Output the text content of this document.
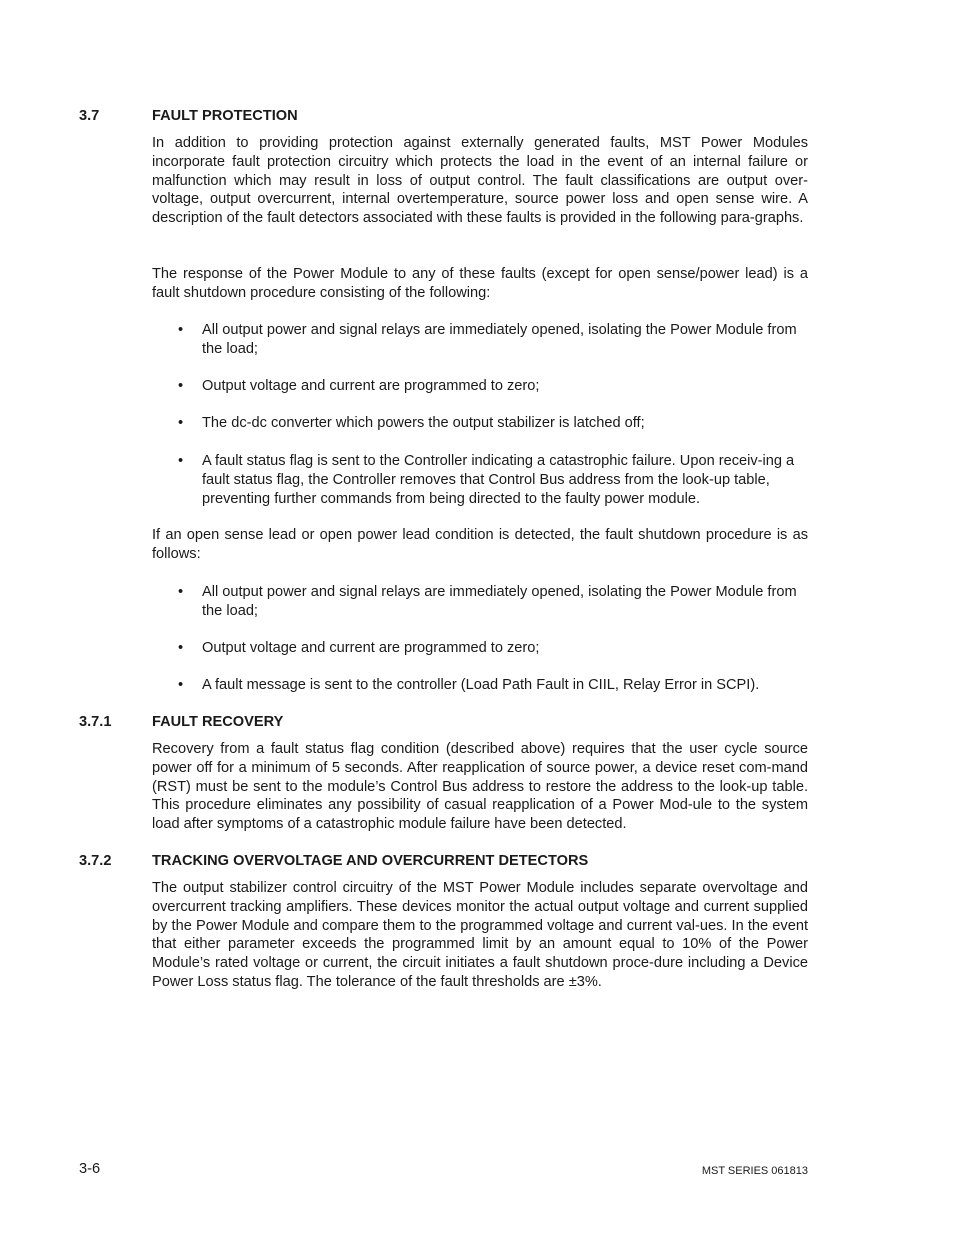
3.7	FAULT PROTECTION

In addition to providing protection against externally generated faults, MST Power Modules incorporate fault protection circuitry which protects the load in the event of an internal failure or malfunction which may result in loss of output control. The fault classifications are output over-voltage, output overcurrent, internal overtemperature, source power loss and open sense wire. A description of the fault detectors associated with these faults is provided in the following para-graphs.

The response of the Power Module to any of these faults (except for open sense/power lead) is a fault shutdown procedure consisting of the following:

• All output power and signal relays are immediately opened, isolating the Power Module from the load;
• Output voltage and current are programmed to zero;
• The dc-dc converter which powers the output stabilizer is latched off;
• A fault status flag is sent to the Controller indicating a catastrophic failure. Upon receiv-ing a fault status flag, the Controller removes that Control Bus address from the look-up table, preventing further commands from being directed to the faulty power module.

If an open sense lead or open power lead condition is detected, the fault shutdown procedure is as follows:

• All output power and signal relays are immediately opened, isolating the Power Module from the load;
• Output voltage and current are programmed to zero;
• A fault message is sent to the controller (Load Path Fault in CIIL, Relay Error in SCPI).
3.7.1	FAULT RECOVERY

Recovery from a fault status flag condition (described above) requires that the user cycle source power off for a minimum of 5 seconds. After reapplication of source power, a device reset com-mand (RST) must be sent to the module’s Control Bus address to restore the address to the look-up table. This procedure eliminates any possibility of casual reapplication of a Power Mod-ule to the system load after symptoms of a catastrophic module failure have been detected.

3.7.2	TRACKING OVERVOLTAGE AND OVERCURRENT DETECTORS

The output stabilizer control circuitry of the MST Power Module includes separate overvoltage and overcurrent tracking amplifiers. These devices monitor the actual output voltage and current supplied by the Power Module and compare them to the programmed voltage and current val-ues. In the event that either parameter exceeds the programmed limit by an amount equal to 10% of the Power Module’s rated voltage or current, the circuit initiates a fault shutdown proce-dure including a Device Power Loss status flag. The tolerance of the fault thresholds are ±3%.

3-6	MST SERIES 061813
